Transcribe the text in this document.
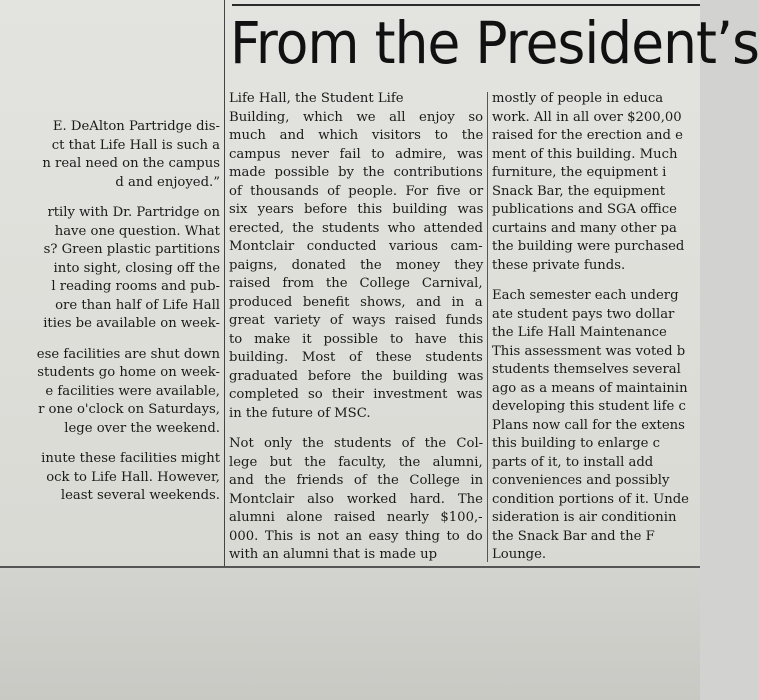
From the President’s
E. DeAlton Partridge dis-
ct that Life Hall is such a
n real need on the campus
d and enjoyed.”
rtily with Dr. Partridge on
have one question. What
s? Green plastic partitions
into sight, closing off the
l reading rooms and pub-
ore than half of Life Hall
ities be available on week-
ese facilities are shut down
students go home on week-
e facilities were available,
r one o'clock on Saturdays,
lege over the weekend.
inute these facilities might
ock to Life Hall. However,
least several weekends.
Life Hall, the Student Life
Building, which we all enjoy so
much and which visitors to the
campus never fail to admire, was
made possible by the contributions
of thousands of people. For five or
six years before this building was
erected, the students who attended
Montclair conducted various cam-
paigns, donated the money they
raised from the College Carnival,
produced benefit shows, and in a
great variety of ways raised funds
to make it possible to have this
building. Most of these students
graduated before the building was
completed so their investment was
in the future of MSC.
Not only the students of the Col-
lege but the faculty, the alumni,
and the friends of the College in
Montclair also worked hard. The
alumni alone raised nearly $100,-
000. This is not an easy thing to do
with an alumni that is made up
mostly of people in educa
work. All in all over $200,00
raised for the erection and e
ment of this building. Much
furniture, the equipment i
Snack Bar, the equipment
publications and SGA office
curtains and many other pa
the building were purchased
these private funds.
Each semester each underg
ate student pays two dollar
the Life Hall Maintenance
This assessment was voted b
students themselves several
ago as a means of maintainin
developing this student life c
Plans now call for the extens
this building to enlarge c
parts of it, to install add
conveniences and possibly
condition portions of it. Unde
sideration is air conditionin
the Snack Bar and the F
Lounge.
